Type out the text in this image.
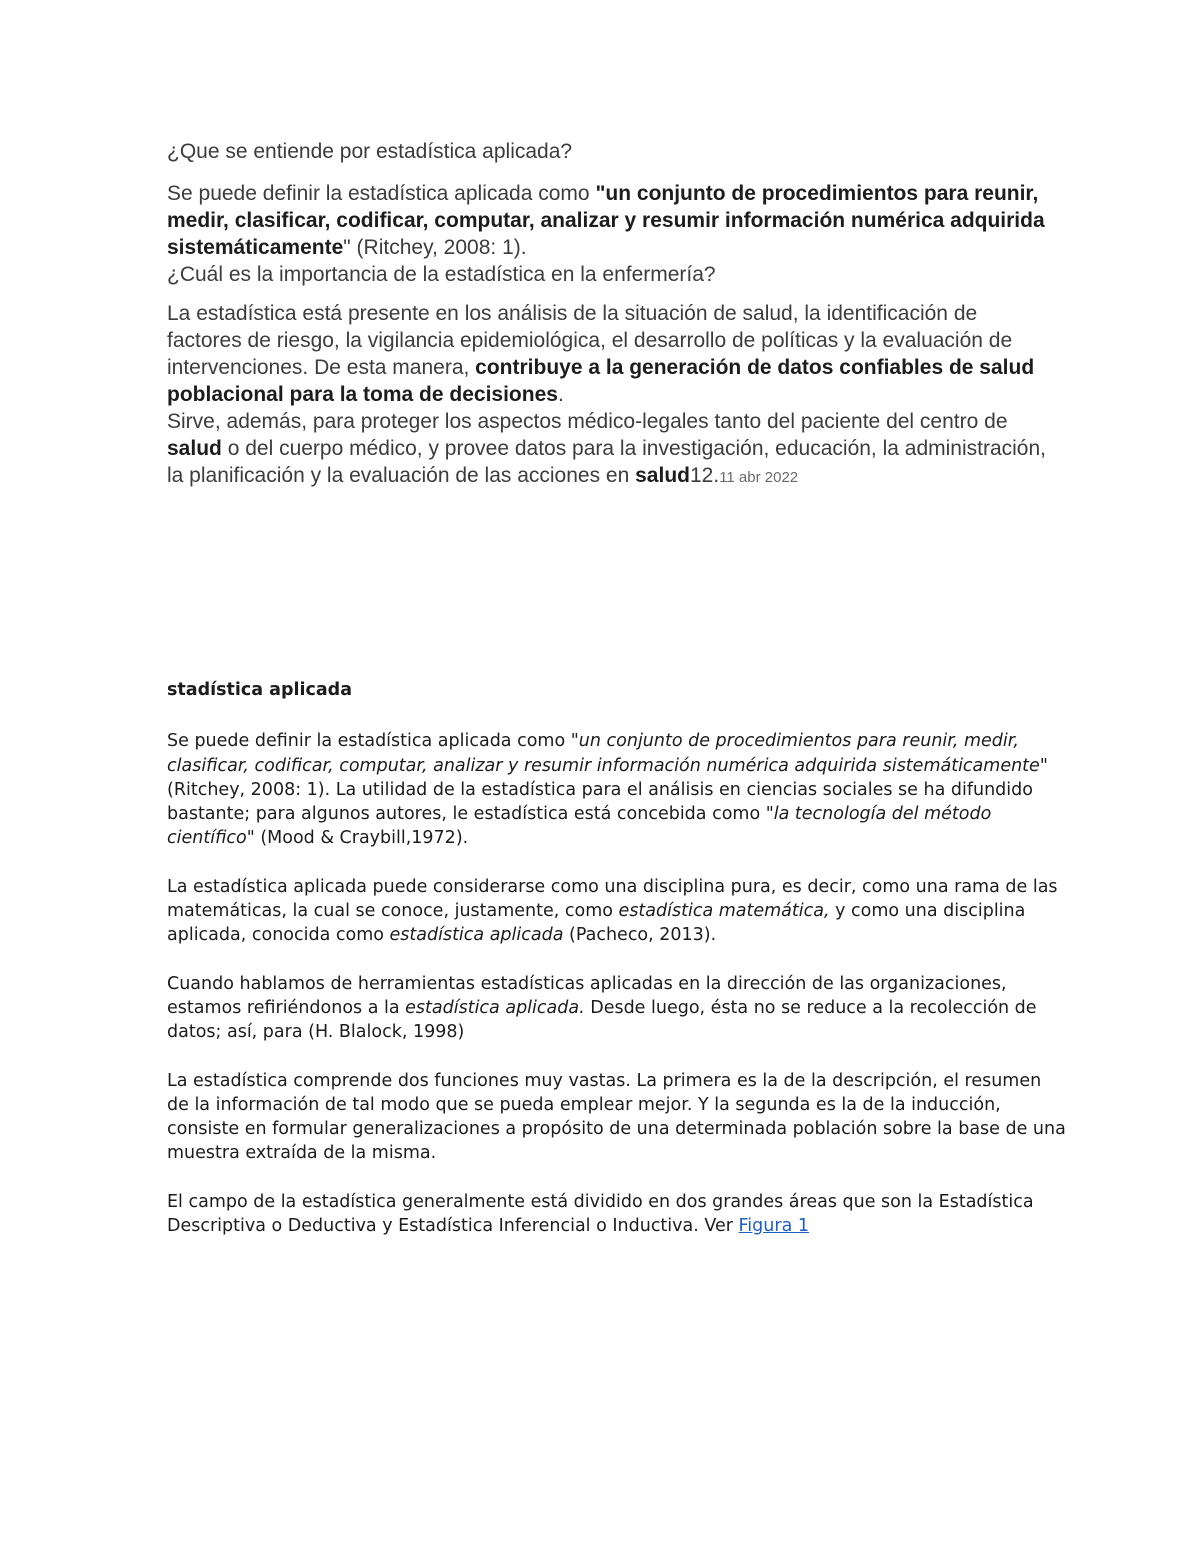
¿Que se entiende por estadística aplicada?

Se puede definir la estadística aplicada como "un conjunto de procedimientos para reunir, medir, clasificar, codificar, computar, analizar y resumir información numérica adquirida sistemáticamente" (Ritchey, 2008: 1).

¿Cuál es la importancia de la estadística en la enfermería?

La estadística está presente en los análisis de la situación de salud, la identificación de factores de riesgo, la vigilancia epidemiológica, el desarrollo de políticas y la evaluación de intervenciones. De esta manera, contribuye a la generación de datos confiables de salud poblacional para la toma de decisiones.

Sirve, además, para proteger los aspectos médico-legales tanto del paciente del centro de salud o del cuerpo médico, y provee datos para la investigación, educación, la administración, la planificación y la evaluación de las acciones en salud12.11 abr 2022

stadística aplicada

Se puede definir la estadística aplicada como "un conjunto de procedimientos para reunir, medir, clasificar, codificar, computar, analizar y resumir información numérica adquirida sistemáticamente" (Ritchey, 2008: 1). La utilidad de la estadística para el análisis en ciencias sociales se ha difundido bastante; para algunos autores, le estadística está concebida como "la tecnología del método científico" (Mood & Craybill,1972).

La estadística aplicada puede considerarse como una disciplina pura, es decir, como una rama de las matemáticas, la cual se conoce, justamente, como estadística matemática, y como una disciplina aplicada, conocida como estadística aplicada (Pacheco, 2013).

Cuando hablamos de herramientas estadísticas aplicadas en la dirección de las organizaciones, estamos refiriéndonos a la estadística aplicada. Desde luego, ésta no se reduce a la recolección de datos; así, para (H. Blalock, 1998)

La estadística comprende dos funciones muy vastas. La primera es la de la descripción, el resumen de la información de tal modo que se pueda emplear mejor. Y la segunda es la de la inducción, consiste en formular generalizaciones a propósito de una determinada población sobre la base de una muestra extraída de la misma.

El campo de la estadística generalmente está dividido en dos grandes áreas que son la Estadística Descriptiva o Deductiva y Estadística Inferencial o Inductiva. Ver Figura 1
